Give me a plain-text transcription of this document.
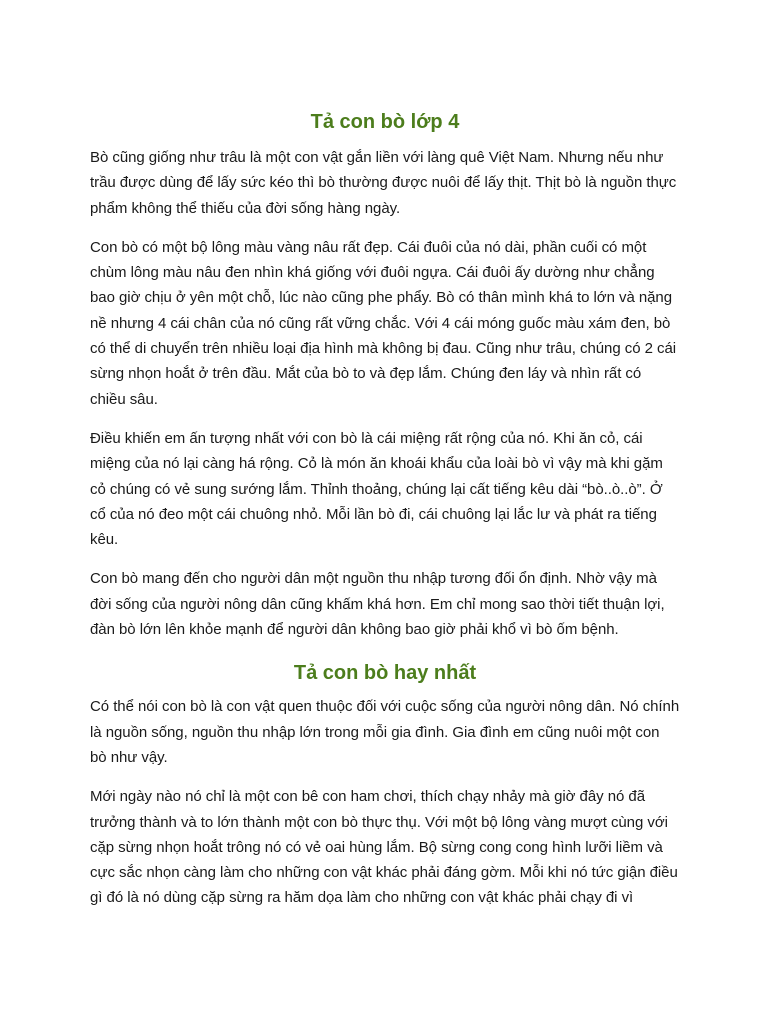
Tả con bò lớp 4

Bò cũng giống như trâu là một con vật gắn liền với làng quê Việt Nam. Nhưng nếu như trầu được dùng để lấy sức kéo thì bò thường được nuôi để lấy thịt. Thịt bò là nguồn thực phẩm không thể thiếu của đời sống hàng ngày.

Con bò có một bộ lông màu vàng nâu rất đẹp. Cái đuôi của nó dài, phần cuối có một chùm lông màu nâu đen nhìn khá giống với đuôi ngựa. Cái đuôi ấy dường như chẳng bao giờ chịu ở yên một chỗ, lúc nào cũng phe phẩy. Bò có thân mình khá to lớn và nặng nề nhưng 4 cái chân của nó cũng rất vững chắc. Với 4 cái móng guốc màu xám đen, bò có thể di chuyển trên nhiều loại địa hình mà không bị đau. Cũng như trâu, chúng có 2 cái sừng nhọn hoắt ở trên đầu. Mắt của bò to và đẹp lắm. Chúng đen láy và nhìn rất có chiều sâu.

Điều khiến em ấn tượng nhất với con bò là cái miệng rất rộng của nó. Khi ăn cỏ, cái miệng của nó lại càng há rộng. Cỏ là món ăn khoái khẩu của loài bò vì vậy mà khi gặm cỏ chúng có vẻ sung sướng lắm. Thỉnh thoảng, chúng lại cất tiếng kêu dài “bò..ò..ò”. Ở cổ của nó đeo một cái chuông nhỏ. Mỗi lần bò đi, cái chuông lại lắc lư và phát ra tiếng kêu.

Con bò mang đến cho người dân một nguồn thu nhập tương đối ổn định. Nhờ vậy mà đời sống của người nông dân cũng khấm khá hơn. Em chỉ mong sao thời tiết thuận lợi, đàn bò lớn lên khỏe mạnh để người dân không bao giờ phải khổ vì bò ốm bệnh.

Tả con bò hay nhất

Có thể nói con bò là con vật quen thuộc đối với cuộc sống của người nông dân. Nó chính là nguồn sống, nguồn thu nhập lớn trong mỗi gia đình. Gia đình em cũng nuôi một con bò như vậy.

Mới ngày nào nó chỉ là một con bê con ham chơi, thích chạy nhảy mà giờ đây nó đã trưởng thành và to lớn thành một con bò thực thụ. Với một bộ lông vàng mượt cùng với cặp sừng nhọn hoắt trông nó có vẻ oai hùng lắm. Bộ sừng cong cong hình lưỡi liềm và cực sắc nhọn càng làm cho những con vật khác phải đáng gờm. Mỗi khi nó tức giận điều gì đó là nó dùng cặp sừng ra hăm dọa làm cho những con vật khác phải chạy đi vì
